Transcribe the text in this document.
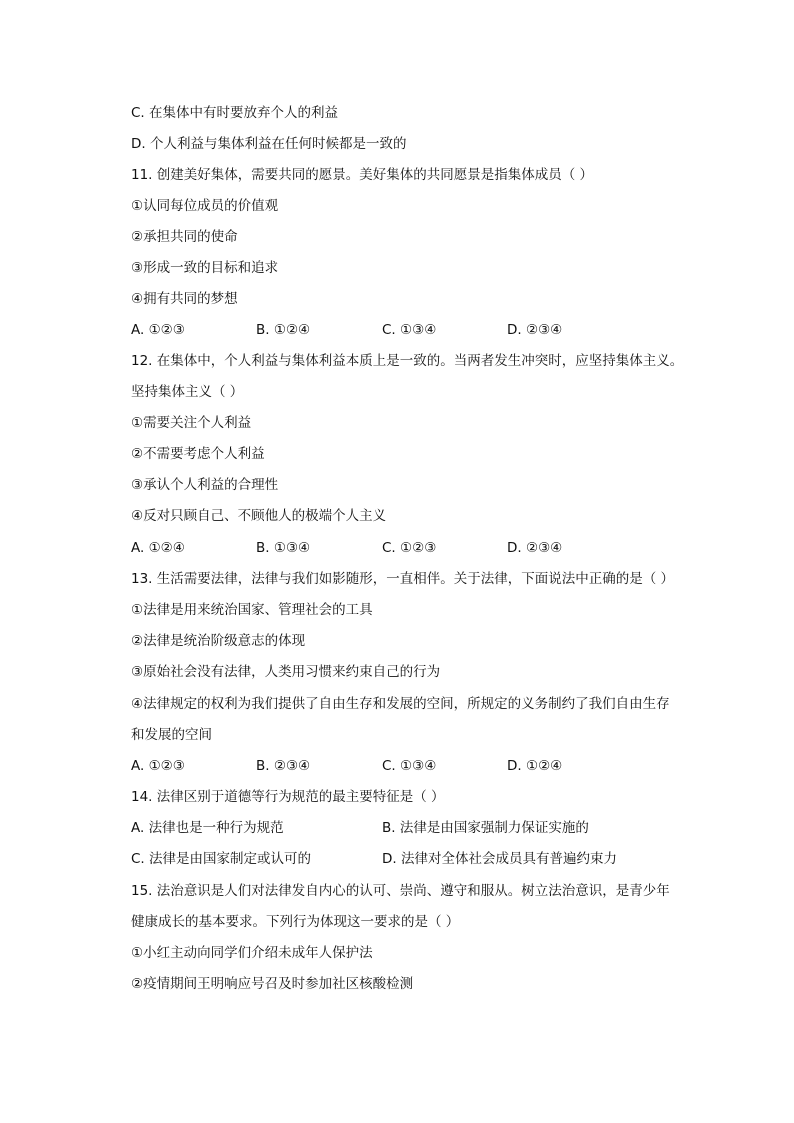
C. 在集体中有时要放弃个人的利益
D. 个人利益与集体利益在任何时候都是一致的
11. 创建美好集体，需要共同的愿景。美好集体的共同愿景是指集体成员（ ）
①认同每位成员的价值观
②承担共同的使命
③形成一致的目标和追求
④拥有共同的梦想
A. ①②③	B. ①②④	C. ①③④	D. ②③④
12. 在集体中，个人利益与集体利益本质上是一致的。当两者发生冲突时，应坚持集体主义。
坚持集体主义（ ）
①需要关注个人利益
②不需要考虑个人利益
③承认个人利益的合理性
④反对只顾自己、不顾他人的极端个人主义
A. ①②④	B. ①③④	C. ①②③	D. ②③④
13. 生活需要法律，法律与我们如影随形，一直相伴。关于法律，下面说法中正确的是（ ）
①法律是用来统治国家、管理社会的工具
②法律是统治阶级意志的体现
③原始社会没有法律，人类用习惯来约束自己的行为
④法律规定的权利为我们提供了自由生存和发展的空间，所规定的义务制约了我们自由生存
和发展的空间
A. ①②③	B. ②③④	C. ①③④	D. ①②④
14. 法律区别于道德等行为规范的最主要特征是（ ）
A. 法律也是一种行为规范	B. 法律是由国家强制力保证实施的
C. 法律是由国家制定或认可的	D. 法律对全体社会成员具有普遍约束力
15. 法治意识是人们对法律发自内心的认可、崇尚、遵守和服从。树立法治意识，是青少年
健康成长的基本要求。下列行为体现这一要求的是（ ）
①小红主动向同学们介绍未成年人保护法
②疫情期间王明响应号召及时参加社区核酸检测
